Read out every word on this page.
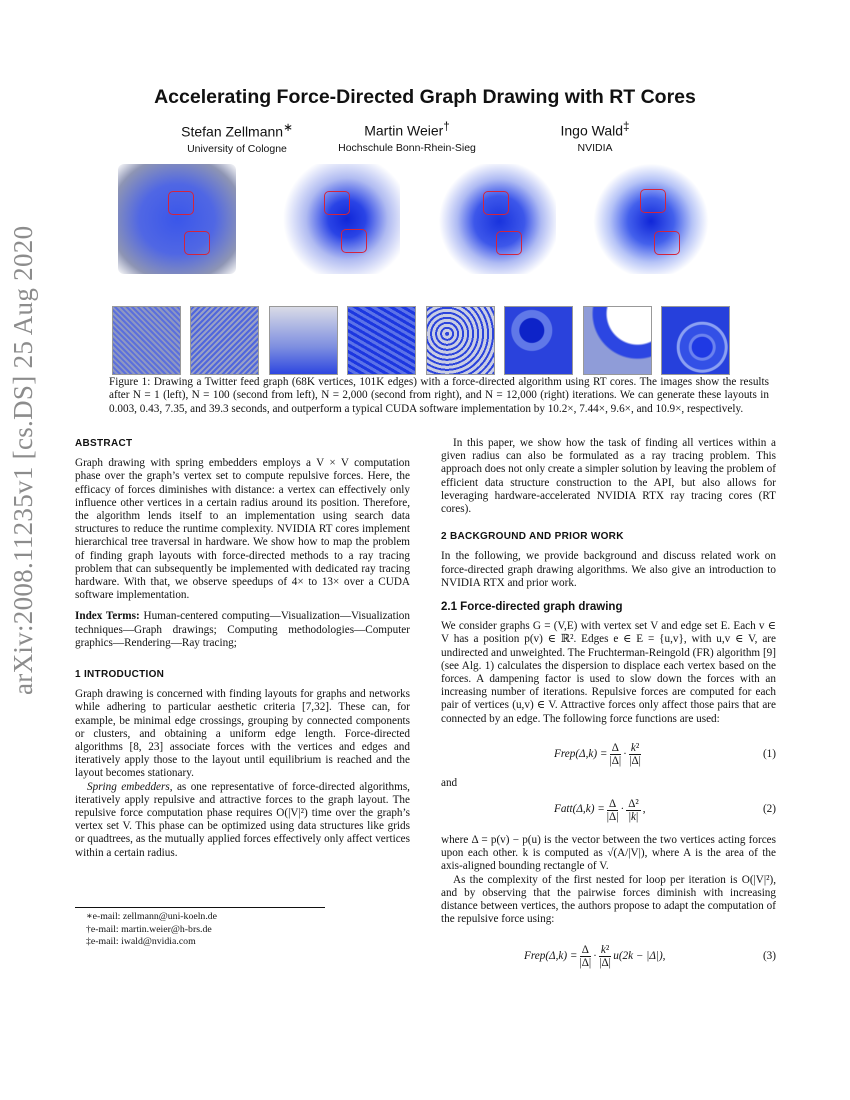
arXiv:2008.11235v1 [cs.DS] 25 Aug 2020
Accelerating Force-Directed Graph Drawing with RT Cores
Stefan Zellmann∗
University of Cologne
Martin Weier†
Hochschule Bonn-Rhein-Sieg
Ingo Wald‡
NVIDIA
Figure 1: Drawing a Twitter feed graph (68K vertices, 101K edges) with a force-directed algorithm using RT cores. The images show the results after N = 1 (left), N = 100 (second from left), N = 2,000 (second from right), and N = 12,000 (right) iterations. We can generate these layouts in 0.003, 0.43, 7.35, and 39.3 seconds, and outperform a typical CUDA software implementation by 10.2×, 7.44×, 9.6×, and 10.9×, respectively.
ABSTRACT

Graph drawing with spring embedders employs a V × V computation phase over the graph’s vertex set to compute repulsive forces. Here, the efficacy of forces diminishes with distance: a vertex can effectively only influence other vertices in a certain radius around its position. Therefore, the algorithm lends itself to an implementation using search data structures to reduce the runtime complexity. NVIDIA RT cores implement hierarchical tree traversal in hardware. We show how to map the problem of finding graph layouts with force-directed methods to a ray tracing problem that can subsequently be implemented with dedicated ray tracing hardware. With that, we observe speedups of 4× to 13× over a CUDA software implementation.

Index Terms: Human-centered computing—Visualization—Visualization techniques—Graph drawings; Computing methodologies—Computer graphics—Rendering—Ray tracing;

1 INTRODUCTION

Graph drawing is concerned with finding layouts for graphs and networks while adhering to particular aesthetic criteria [7,32]. These can, for example, be minimal edge crossings, grouping by connected components or clusters, and obtaining a uniform edge length. Force-directed algorithms [8, 23] associate forces with the vertices and edges and iteratively apply those to the layout until equilibrium is reached and the layout becomes stationary.

Spring embedders, as one representative of force-directed algorithms, iteratively apply repulsive and attractive forces to the graph layout. The repulsive force computation phase requires O(|V|²) time over the graph’s vertex set V. This phase can be optimized using data structures like grids or quadtrees, as the mutually applied forces effectively only affect vertices within a certain radius.

∗e-mail: zellmann@uni-koeln.de
†e-mail: martin.weier@h-brs.de
‡e-mail: iwald@nvidia.com

In this paper, we show how the task of finding all vertices within a given radius can also be formulated as a ray tracing problem. This approach does not only create a simpler solution by leaving the problem of efficient data structure construction to the API, but also allows for leveraging hardware-accelerated NVIDIA RTX ray tracing cores (RT cores).

2 BACKGROUND AND PRIOR WORK

In the following, we provide background and discuss related work on force-directed graph drawing algorithms. We also give an introduction to NVIDIA RTX and prior work.

2.1 Force-directed graph drawing

We consider graphs G = (V,E) with vertex set V and edge set E. Each v ∈ V has a position p(v) ∈ ℝ². Edges e ∈ E = {u,v}, with u,v ∈ V, are undirected and unweighted. The Fruchterman-Reingold (FR) algorithm [9] (see Alg. 1) calculates the dispersion to displace each vertex based on the forces. A dampening factor is used to slow down the forces with an increasing number of iterations. Repulsive forces are computed for each pair of vertices (u,v) ∈ V. Attractive forces only affect those pairs that are connected by an edge. The following force functions are used:

Frep(Δ,k) = $\frac{\Delta}{|\Delta|} \cdot \frac{\text{k²}}{|\Delta|}$	(1)

and

Fatt(Δ,k) = $\frac{\Delta}{|\Delta|} \cdot \frac{\text{Δ²}}{|k|}$ ,	(2)

where Δ = p(v) − p(u) is the vector between the two vertices acting forces upon each other. k is computed as √(A/|V|), where A is the area of the axis-aligned bounding rectangle of V.

As the complexity of the first nested for loop per iteration is O(|V|²), and by observing that the pairwise forces diminish with increasing distance between vertices, the authors propose to adapt the computation of the repulsive force using:

Frep(Δ,k) = $\frac{\Delta}{|\Delta|} \cdot \frac{\text{k²}}{|\Delta|} u(2k - |\Delta|)$,	(3)
